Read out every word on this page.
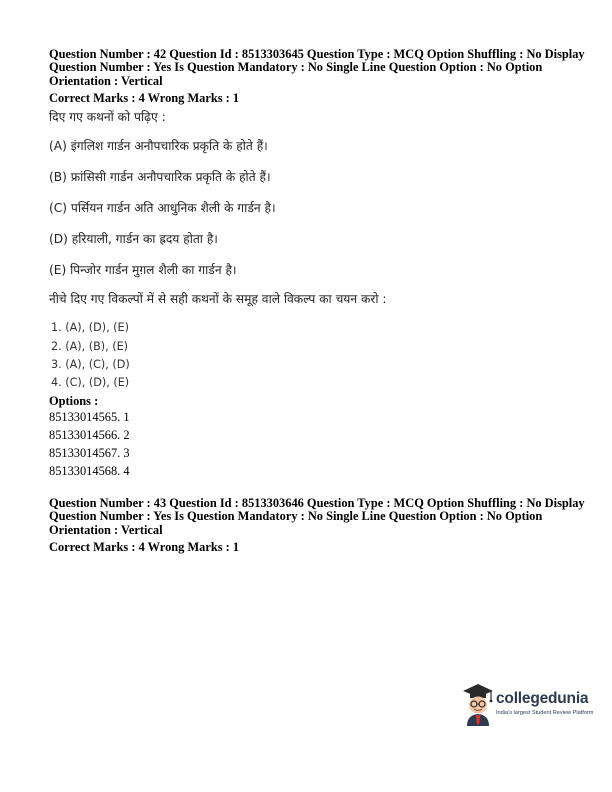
Question Number : 42 Question Id : 8513303645 Question Type : MCQ Option Shuffling : No Display
Question Number : Yes Is Question Mandatory : No Single Line Question Option : No Option
Orientation : Vertical
Correct Marks : 4 Wrong Marks : 1
दिए गए कथनों को पढ़िए :
(A) इंगलिश गार्डन अनौपचारिक प्रकृति के होते हैं।
(B) फ्रांसिसी गार्डन अनौपचारिक प्रकृति के होते हैं।
(C) पर्सियन गार्डन अति आधुनिक शैली के गार्डन है।
(D) हरियाली, गार्डन का ह्रदय होता है।
(E) पिन्जोर गार्डन मुग़ल शैली का गार्डन है।
नीचे दिए गए विकल्पों में से सही कथनों के समूह वाले विकल्प का चयन करो :
1. (A), (D), (E)
2. (A), (B), (E)
3. (A), (C), (D)
4. (C), (D), (E)
Options :
85133014565. 1
85133014566. 2
85133014567. 3
85133014568. 4
Question Number : 43 Question Id : 8513303646 Question Type : MCQ Option Shuffling : No Display
Question Number : Yes Is Question Mandatory : No Single Line Question Option : No Option
Orientation : Vertical
Correct Marks : 4 Wrong Marks : 1
collegedunia
India's largest Student Review Platform
